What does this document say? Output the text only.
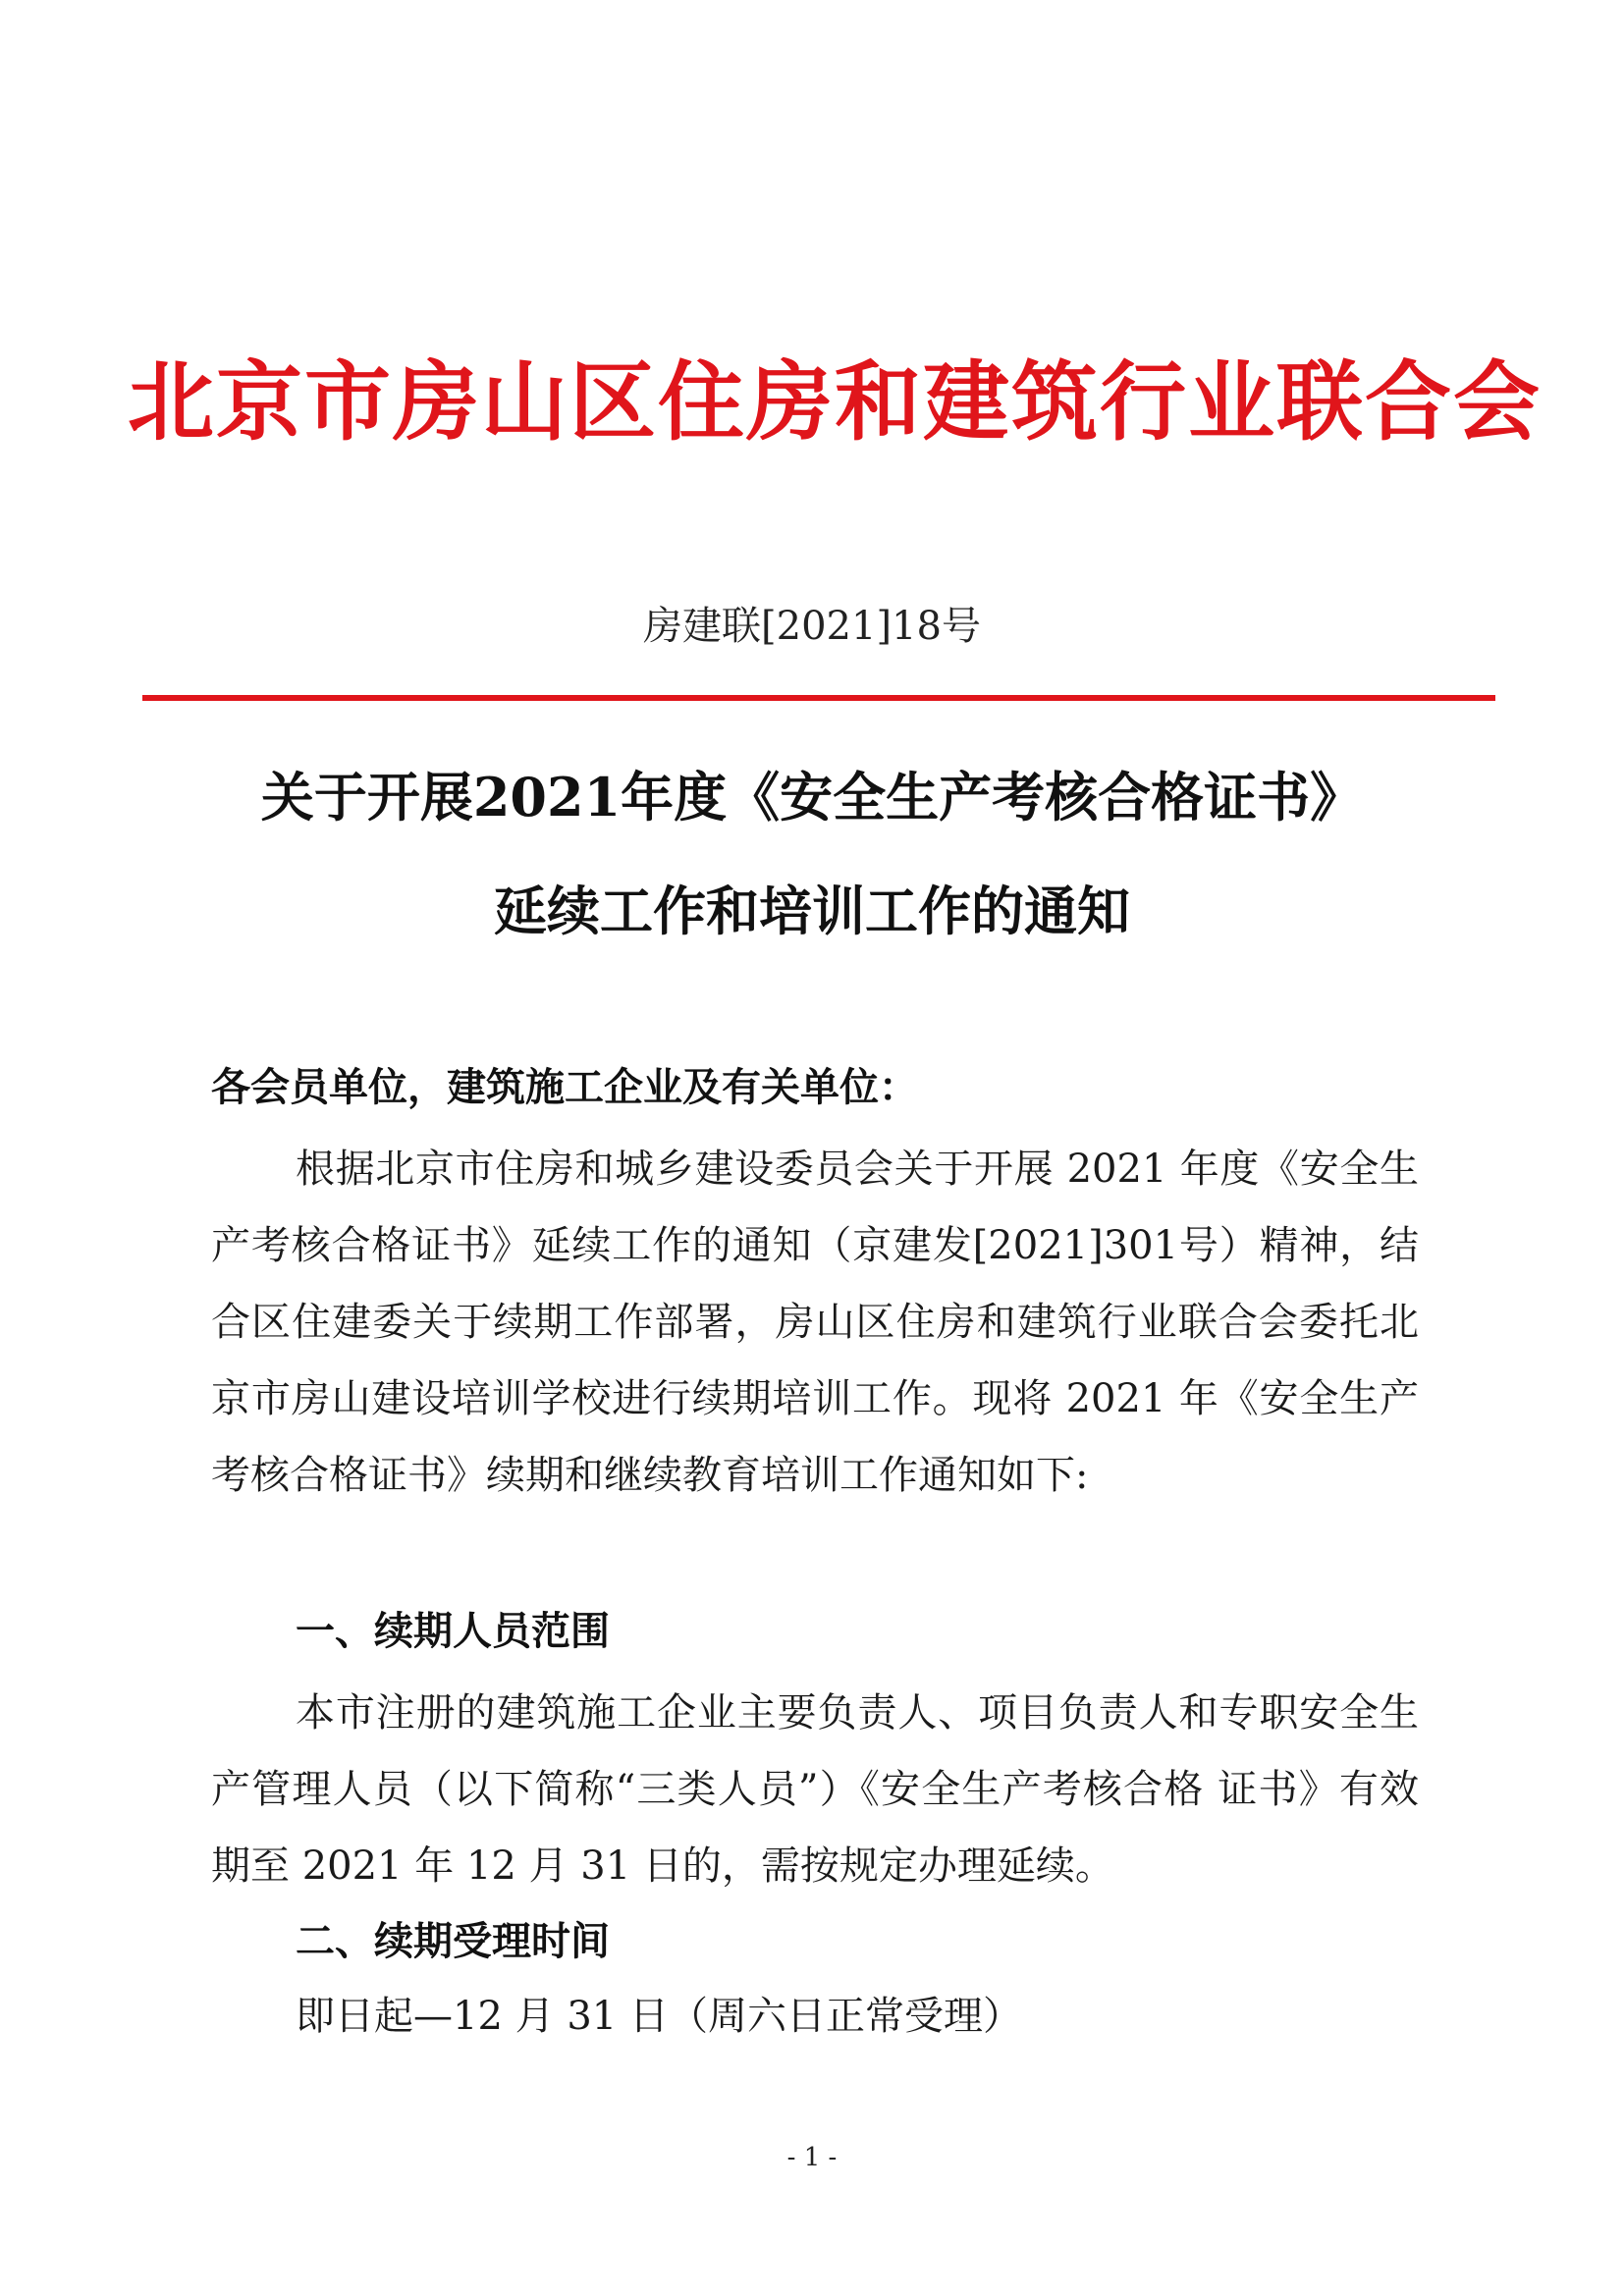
北京市房山区住房和建筑行业联合会
房建联[2021]18号
关于开展2021年度《安全生产考核合格证书》
延续工作和培训工作的通知
各会员单位，建筑施工企业及有关单位：
根据北京市住房和城乡建设委员会关于开展 2021 年度《安全生产考核合格证书》延续工作的通知（京建发[2021]301号）精神，结合区住建委关于续期工作部署，房山区住房和建筑行业联合会委托北京市房山建设培训学校进行续期培训工作。现将 2021 年《安全生产考核合格证书》续期和继续教育培训工作通知如下:
一、续期人员范围
本市注册的建筑施工企业主要负责人、项目负责人和专职安全生产管理人员（以下简称“三类人员”）《安全生产考核合格 证书》有效期至 2021 年 12 月 31 日的，需按规定办理延续。
二、续期受理时间
即日起—12 月 31 日（周六日正常受理）
- 1 -
